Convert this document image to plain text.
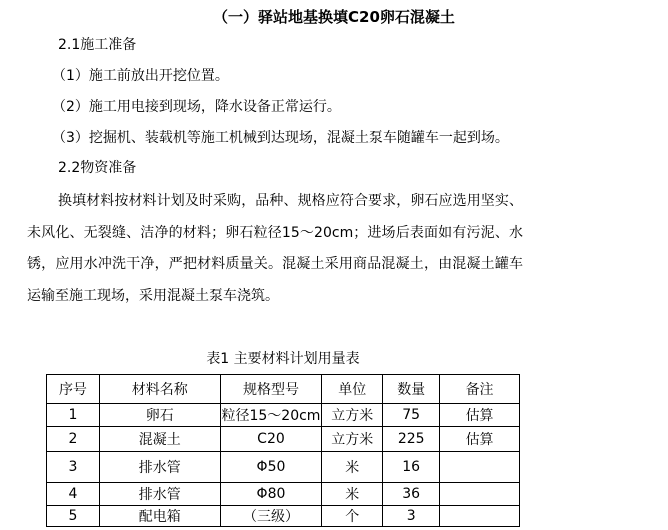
（一）驿站地基换填C20卵石混凝土
2.1施工准备
（1）施工前放出开挖位置。
（2）施工用电接到现场，降水设备正常运行。
（3）挖掘机、装载机等施工机械到达现场，混凝土泵车随罐车一起到场。
2.2物资准备
换填材料按材料计划及时采购，品种、规格应符合要求，卵石应选用坚实、未风化、无裂缝、洁净的材料；卵石粒径15～20cm；进场后表面如有污泥、水锈，应用水冲洗干净，严把材料质量关。混凝土采用商品混凝土，由混凝土罐车运输至施工现场，采用混凝土泵车浇筑。
表1 主要材料计划用量表
序号	材料名称	规格型号	单位	数量	备注
1	卵石	粒径15～20cm	立方米	75	估算
2	混凝土	C20	立方米	225	估算
3	排水管	Φ50	米	16	
4	排水管	Φ80	米	36	
5	配电箱	（三级）	个	3	
